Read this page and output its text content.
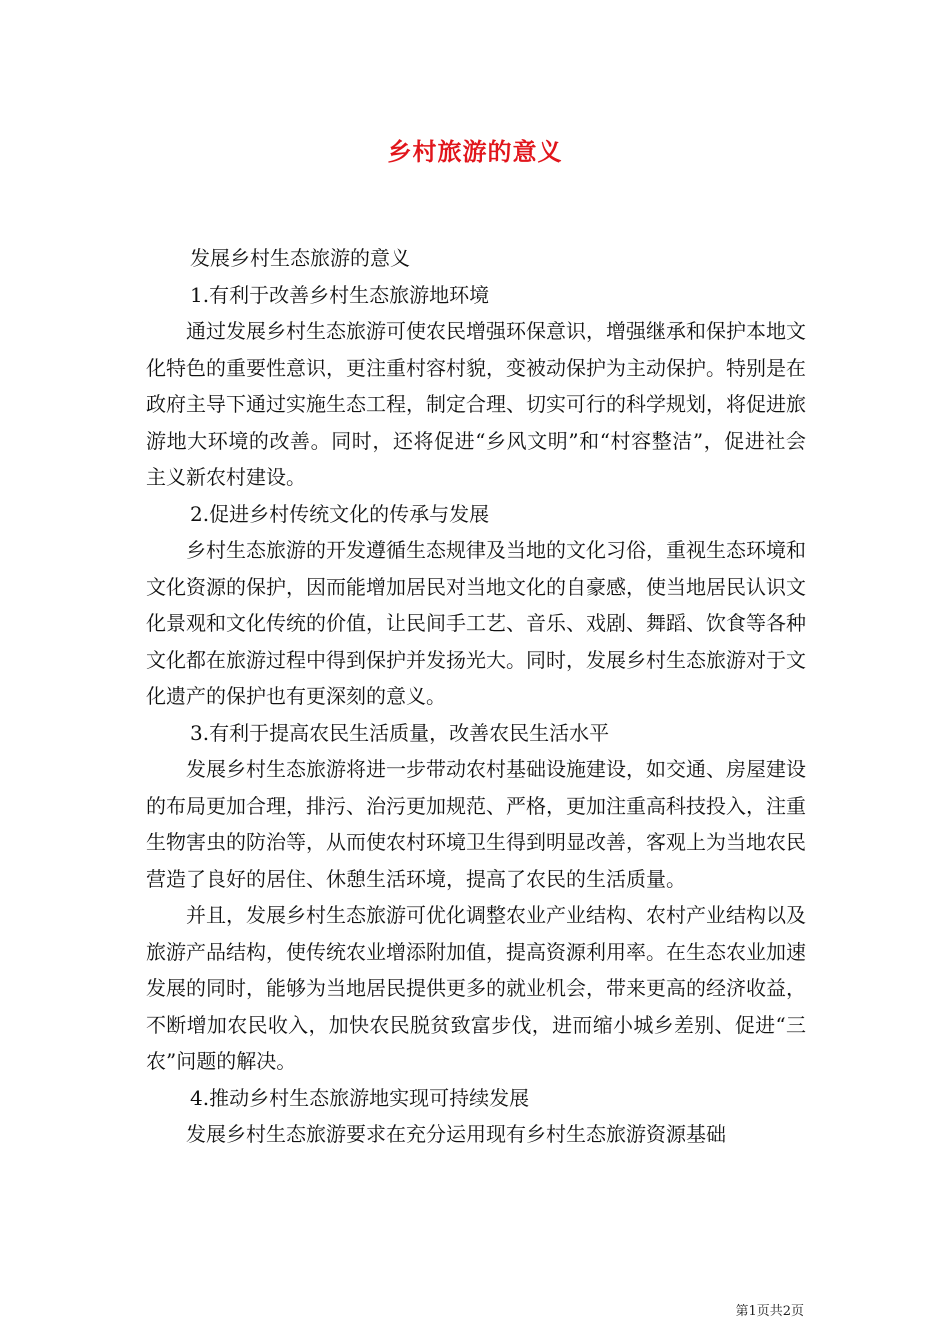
乡村旅游的意义

发展乡村生态旅游的意义

1.有利于改善乡村生态旅游地环境

通过发展乡村生态旅游可使农民增强环保意识，增强继承和保护本地文化特色的重要性意识，更注重村容村貌，变被动保护为主动保护。特别是在政府主导下通过实施生态工程，制定合理、切实可行的科学规划，将促进旅游地大环境的改善。同时，还将促进“乡风文明”和“村容整洁”，促进社会主义新农村建设。

2.促进乡村传统文化的传承与发展

乡村生态旅游的开发遵循生态规律及当地的文化习俗，重视生态环境和文化资源的保护，因而能增加居民对当地文化的自豪感，使当地居民认识文化景观和文化传统的价值，让民间手工艺、音乐、戏剧、舞蹈、饮食等各种文化都在旅游过程中得到保护并发扬光大。同时，发展乡村生态旅游对于文化遗产的保护也有更深刻的意义。

3.有利于提高农民生活质量，改善农民生活水平

发展乡村生态旅游将进一步带动农村基础设施建设，如交通、房屋建设的布局更加合理，排污、治污更加规范、严格，更加注重高科技投入，注重生物害虫的防治等，从而使农村环境卫生得到明显改善，客观上为当地农民营造了良好的居住、休憩生活环境，提高了农民的生活质量。

并且，发展乡村生态旅游可优化调整农业产业结构、农村产业结构以及旅游产品结构，使传统农业增添附加值，提高资源利用率。在生态农业加速发展的同时，能够为当地居民提供更多的就业机会，带来更高的经济收益，不断增加农民收入，加快农民脱贫致富步伐，进而缩小城乡差别、促进“三农”问题的解决。

4.推动乡村生态旅游地实现可持续发展

发展乡村生态旅游要求在充分运用现有乡村生态旅游资源基础

第1页共2页
